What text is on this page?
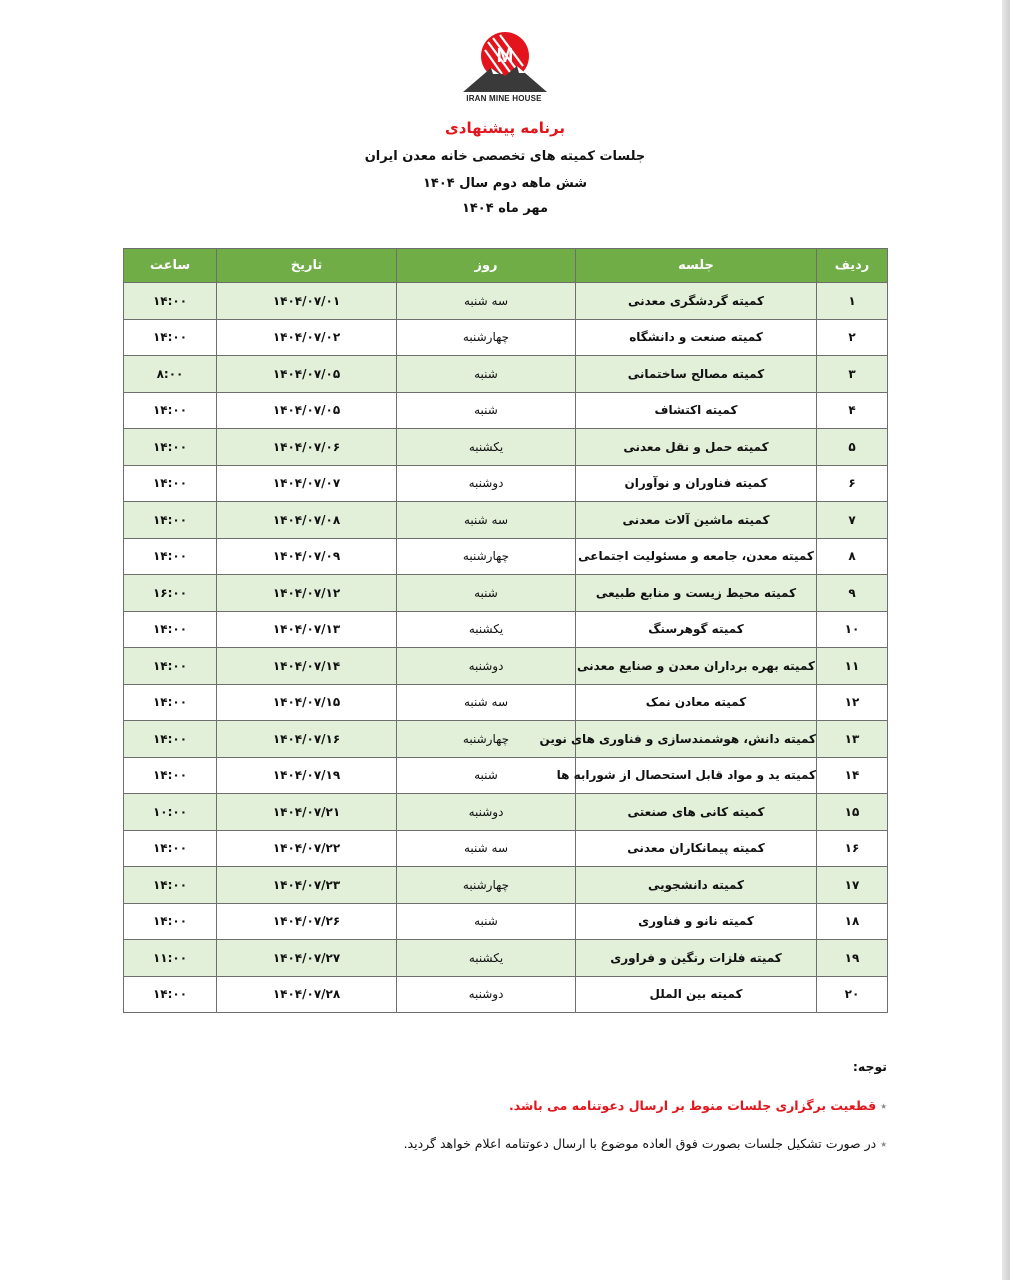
M
IRAN MINE HOUSE
برنامه پیشنهادی
جلسات کمیته های تخصصی خانه معدن ایران
شش ماهه دوم سال ۱۴۰۴
مهر ماه ۱۴۰۴
ردیف	جلسه	روز	تاریخ	ساعت
۱	کمیته گردشگری معدنی	سه شنبه	۱۴۰۴/۰۷/۰۱	۱۴:۰۰
۲	کمیته صنعت و دانشگاه	چهارشنبه	۱۴۰۴/۰۷/۰۲	۱۴:۰۰
۳	کمیته مصالح ساختمانی	شنبه	۱۴۰۴/۰۷/۰۵	۸:۰۰
۴	کمیته اکتشاف	شنبه	۱۴۰۴/۰۷/۰۵	۱۴:۰۰
۵	کمیته حمل و نقل معدنی	یکشنبه	۱۴۰۴/۰۷/۰۶	۱۴:۰۰
۶	کمیته فناوران و نوآوران	دوشنبه	۱۴۰۴/۰۷/۰۷	۱۴:۰۰
۷	کمیته ماشین آلات معدنی	سه شنبه	۱۴۰۴/۰۷/۰۸	۱۴:۰۰
۸	کمیته معدن، جامعه و مسئولیت اجتماعی	چهارشنبه	۱۴۰۴/۰۷/۰۹	۱۴:۰۰
۹	کمیته محیط زیست و منابع طبیعی	شنبه	۱۴۰۴/۰۷/۱۲	۱۶:۰۰
۱۰	کمیته گوهرسنگ	یکشنبه	۱۴۰۴/۰۷/۱۳	۱۴:۰۰
۱۱	کمیته بهره برداران معدن و صنایع معدنی	دوشنبه	۱۴۰۴/۰۷/۱۴	۱۴:۰۰
۱۲	کمیته معادن نمک	سه شنبه	۱۴۰۴/۰۷/۱۵	۱۴:۰۰
۱۳	کمیته دانش، هوشمندسازی و فناوری های نوین	چهارشنبه	۱۴۰۴/۰۷/۱۶	۱۴:۰۰
۱۴	کمیته ید و مواد قابل استحصال از شورابه ها	شنبه	۱۴۰۴/۰۷/۱۹	۱۴:۰۰
۱۵	کمیته کانی های صنعتی	دوشنبه	۱۴۰۴/۰۷/۲۱	۱۰:۰۰
۱۶	کمیته پیمانکاران معدنی	سه شنبه	۱۴۰۴/۰۷/۲۲	۱۴:۰۰
۱۷	کمیته دانشجویی	چهارشنبه	۱۴۰۴/۰۷/۲۳	۱۴:۰۰
۱۸	کمیته نانو و فناوری	شنبه	۱۴۰۴/۰۷/۲۶	۱۴:۰۰
۱۹	کمیته فلزات رنگین و فراوری	یکشنبه	۱۴۰۴/۰۷/۲۷	۱۱:۰۰
۲۰	کمیته بین الملل	دوشنبه	۱۴۰۴/۰۷/۲۸	۱۴:۰۰
توجه:
٭قطعیت برگزاری جلسات منوط بر ارسال دعوتنامه می باشد.
٭در صورت تشکیل جلسات بصورت فوق العاده موضوع با ارسال دعوتنامه اعلام خواهد گردید.
